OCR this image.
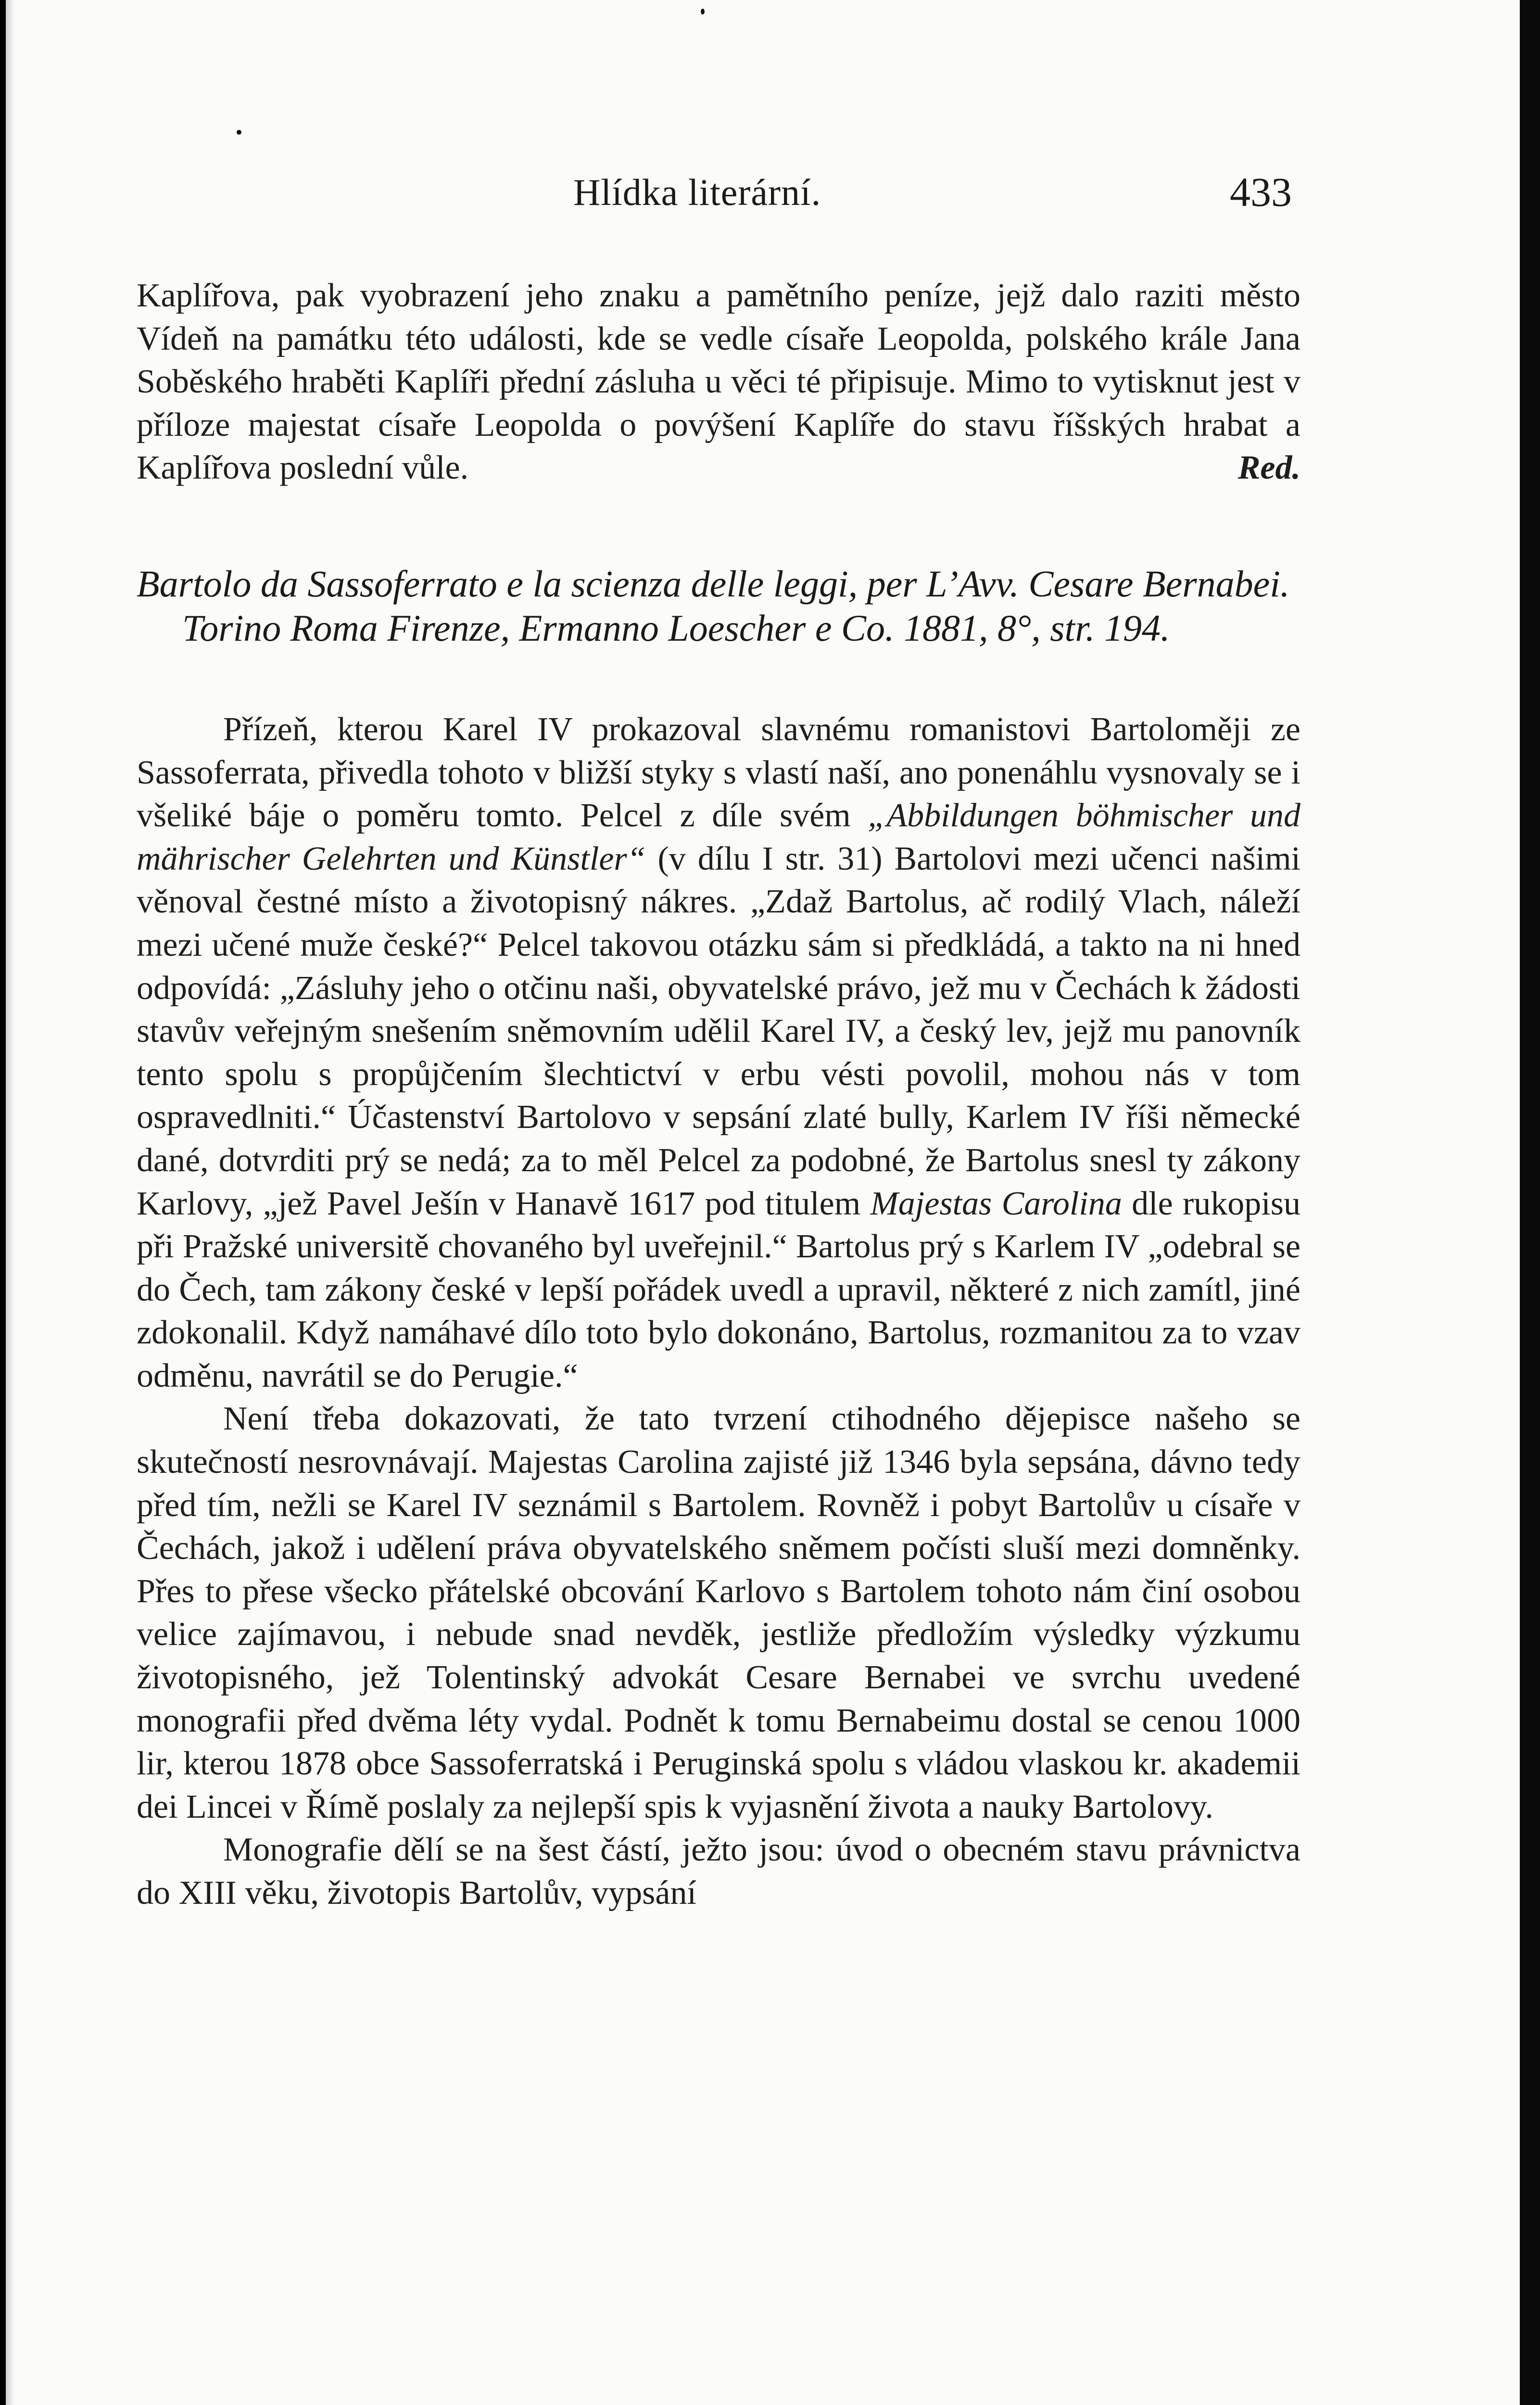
Hlídka literární.	433

Kaplířova, pak vyobrazení jeho znaku a pamětního peníze, jejž dalo raziti město Vídeň na památku této události, kde se vedle císaře Leopolda, polského krále Jana Soběského hraběti Kaplíři přední zásluha u věci té připisuje. Mimo to vytisknut jest v příloze majestat císaře Leopolda o povýšení Kaplíře do stavu říšských hrabat a Kaplířova poslední vůle.	Red.

Bartolo da Sassoferrato e la scienza delle leggi, per L’Avv. Cesare Bernabei. Torino Roma Firenze, Ermanno Loescher e Co. 1881, 8°, str. 194.

Přízeň, kterou Karel IV prokazoval slavnému romanistovi Bartoloměji ze Sassoferrata, přivedla tohoto v bližší styky s vlastí naší, ano ponenáhlu vysnovaly se i všeliké báje o poměru tomto. Pelcel z díle svém „Abbildungen böhmischer und mährischer Gelehrten und Künstler“ (v dílu I str. 31) Bartolovi mezi učenci našimi věnoval čestné místo a životopisný nákres. „Zdaž Bartolus, ač rodilý Vlach, náleží mezi učené muže české?“ Pelcel takovou otázku sám si předkládá, a takto na ni hned odpovídá: „Zásluhy jeho o otčinu naši, obyvatelské právo, jež mu v Čechách k žádosti stavův veřejným snešením sněmovním udělil Karel IV, a český lev, jejž mu panovník tento spolu s propůjčením šlechtictví v erbu vésti povolil, mohou nás v tom ospravedlniti.“ Účastenství Bartolovo v sepsání zlaté bully, Karlem IV říši německé dané, dotvrditi prý se nedá; za to měl Pelcel za podobné, že Bartolus snesl ty zákony Karlovy, „jež Pavel Ješín v Hanavě 1617 pod titulem Majestas Carolina dle rukopisu při Pražské universitě chovaného byl uveřejnil.“ Bartolus prý s Karlem IV „odebral se do Čech, tam zákony české v lepší pořádek uvedl a upravil, některé z nich zamítl, jiné zdokonalil. Když namáhavé dílo toto bylo dokonáno, Bartolus, rozmanitou za to vzav odměnu, navrátil se do Perugie.“

Není třeba dokazovati, že tato tvrzení ctihodného dějepisce našeho se skutečností nesrovnávají. Majestas Carolina zajisté již 1346 byla sepsána, dávno tedy před tím, nežli se Karel IV seznámil s Bartolem. Rovněž i pobyt Bartolův u císaře v Čechách, jakož i udělení práva obyvatelského sněmem počísti sluší mezi domněnky. Přes to přese všecko přátelské obcování Karlovo s Bartolem tohoto nám činí osobou velice zajímavou, i nebude snad nevděk, jestliže předložím výsledky výzkumu životopisného, jež Tolentinský advokát Cesare Bernabei ve svrchu uvedené monografii před dvěma léty vydal. Podnět k tomu Bernabeimu dostal se cenou 1000 lir, kterou 1878 obce Sassoferratská i Peruginská spolu s vládou vlaskou kr. akademii dei Lincei v Římě poslaly za nejlepší spis k vyjasnění života a nauky Bartolovy.

Monografie dělí se na šest částí, ježto jsou: úvod o obecném stavu právnictva do XIII věku, životopis Bartolův, vypsání
